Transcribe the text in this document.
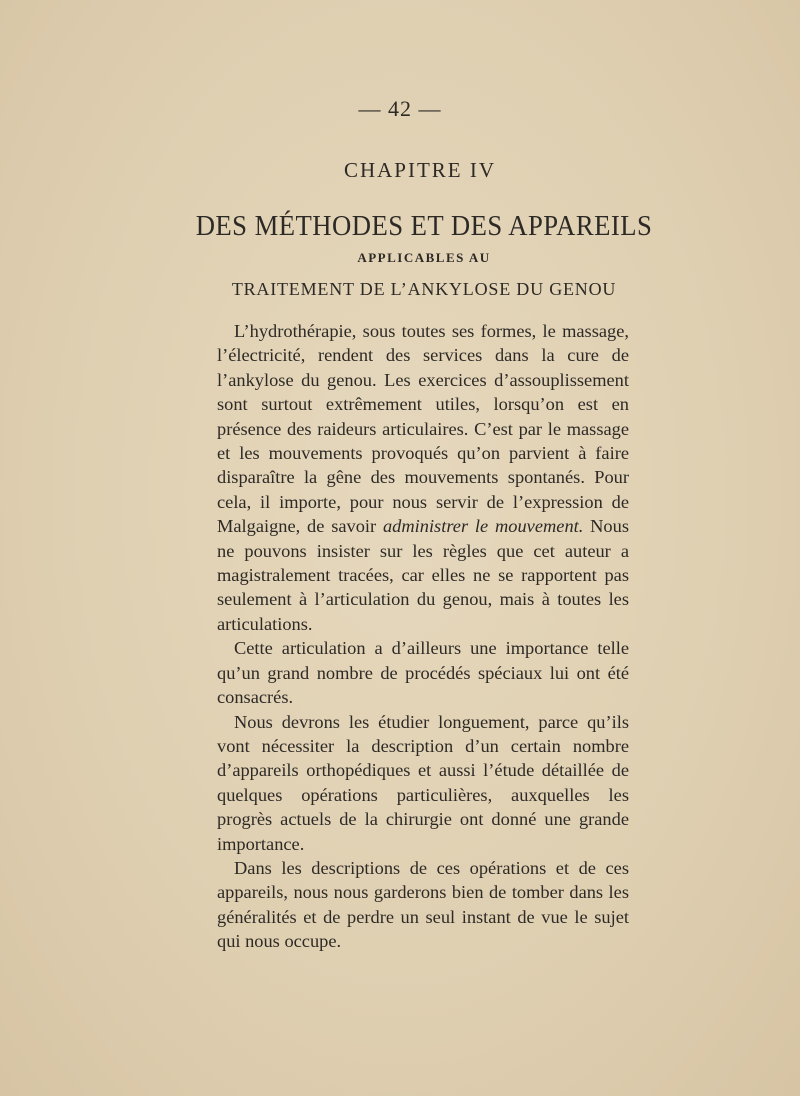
— 42 —
CHAPITRE IV
DES MÉTHODES ET DES APPAREILS
APPLICABLES AU
TRAITEMENT DE L’ANKYLOSE DU GENOU

L’hydrothérapie, sous toutes ses formes, le massage, l’électricité, rendent des services dans la cure de l’ankylose du genou. Les exercices d’assouplissement sont surtout extrêmement utiles, lorsqu’on est en présence des raideurs articulaires. C’est par le massage et les mouvements provoqués qu’on parvient à faire disparaître la gêne des mouvements spontanés. Pour cela, il importe, pour nous servir de l’expression de Malgaigne, de savoir administrer le mouvement. Nous ne pouvons insister sur les règles que cet auteur a magistralement tracées, car elles ne se rapportent pas seulement à l’articulation du genou, mais à toutes les articulations.

Cette articulation a d’ailleurs une importance telle qu’un grand nombre de procédés spéciaux lui ont été consacrés.

Nous devrons les étudier longuement, parce qu’ils vont nécessiter la description d’un certain nombre d’appareils orthopédiques et aussi l’étude détaillée de quelques opérations particulières, auxquelles les progrès actuels de la chirurgie ont donné une grande importance.

Dans les descriptions de ces opérations et de ces appareils, nous nous garderons bien de tomber dans les généralités et de perdre un seul instant de vue le sujet qui nous occupe.
